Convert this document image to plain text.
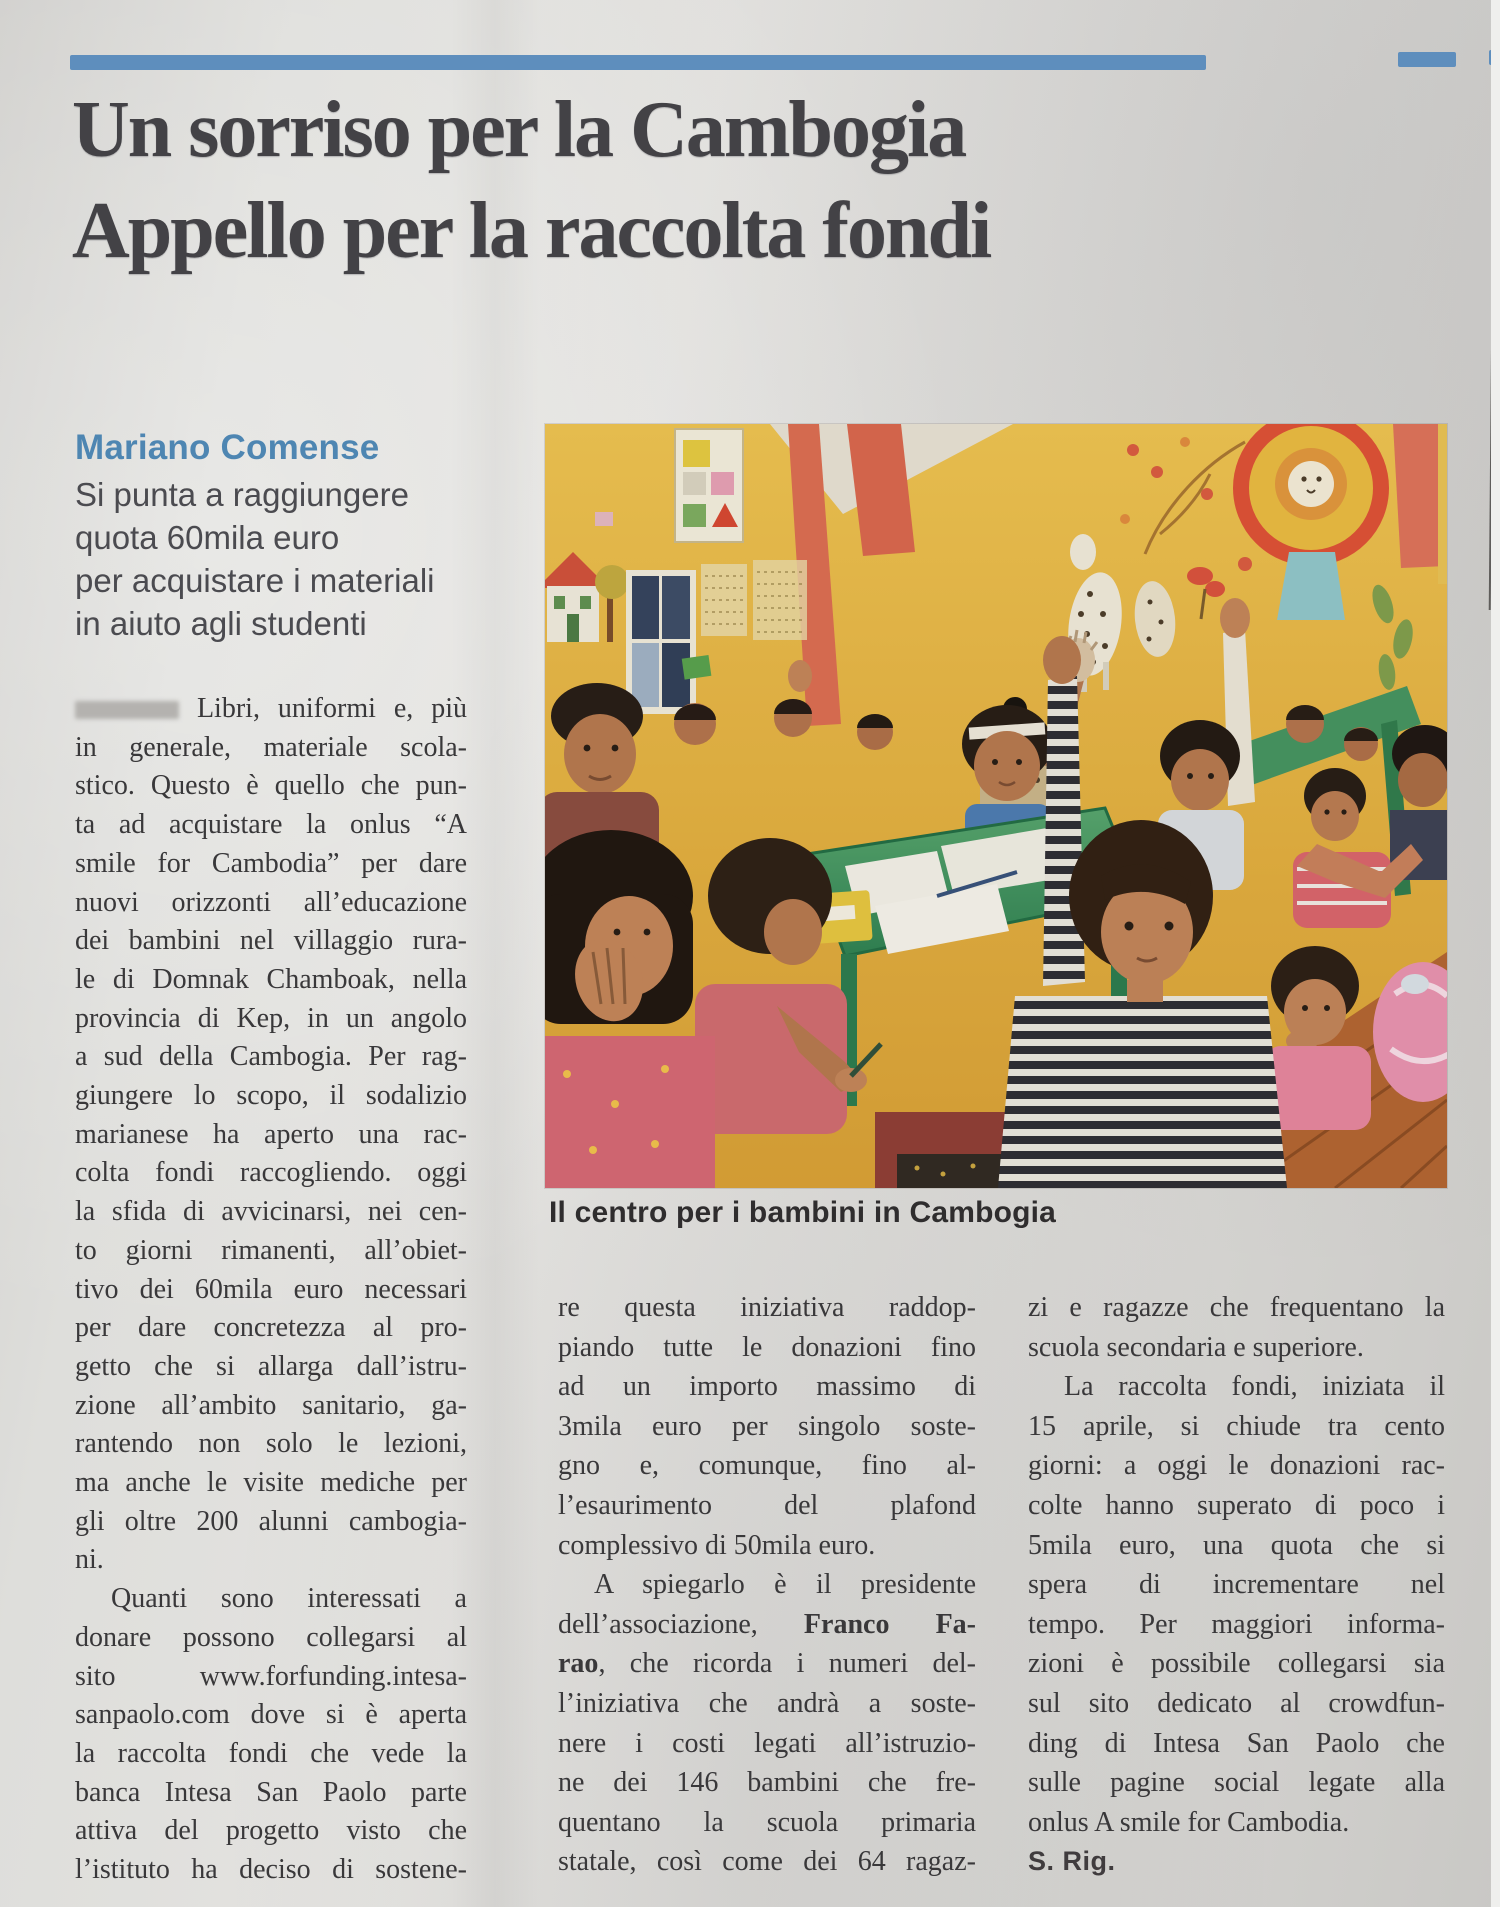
Un sorriso per la Cambogia
Appello per la raccolta fondi
Mariano Comense
Si punta a raggiungere
quota 60mila euro
per acquistare i materiali
in aiuto agli studenti
Libri, uniformi e, più
in generale, materiale scola-
stico. Questo è quello che pun-
ta ad acquistare la onlus “A
smile for Cambodia” per dare
nuovi orizzonti all’educazione
dei bambini nel villaggio rura-
le di Domnak Chamboak, nella
provincia di Kep, in un angolo
a sud della Cambogia. Per rag-
giungere lo scopo, il sodalizio
marianese ha aperto una rac-
colta fondi raccogliendo. oggi
la sfida di avvicinarsi, nei cen-
to giorni rimanenti, all’obiet-
tivo dei 60mila euro necessari
per dare concretezza al pro-
getto che si allarga dall’istru-
zione all’ambito sanitario, ga-
rantendo non solo le lezioni,
ma anche le visite mediche per
gli oltre 200 alunni cambogia-
ni.
Quanti sono interessati a
donare possono collegarsi al
sito www.forfunding.intesa-
sanpaolo.com dove si è aperta
la raccolta fondi che vede la
banca Intesa San Paolo parte
attiva del progetto visto che
l’istituto ha deciso di sostene-
Il centro per i bambini in Cambogia
re questa iniziativa raddop-
piando tutte le donazioni fino
ad un importo massimo di
3mila euro per singolo soste-
gno e, comunque, fino al-
l’esaurimento del plafond
complessivo di 50mila euro.
A spiegarlo è il presidente
dell’associazione, Franco Fa-
rao, che ricorda i numeri del-
l’iniziativa che andrà a soste-
nere i costi legati all’istruzio-
ne dei 146 bambini che fre-
quentano la scuola primaria
statale, così come dei 64 ragaz-
zi e ragazze che frequentano la
scuola secondaria e superiore.
La raccolta fondi, iniziata il
15 aprile, si chiude tra cento
giorni: a oggi le donazioni rac-
colte hanno superato di poco i
5mila euro, una quota che si
spera di incrementare nel
tempo. Per maggiori informa-
zioni è possibile collegarsi sia
sul sito dedicato al crowdfun-
ding di Intesa San Paolo che
sulle pagine social legate alla
onlus A smile for Cambodia.
S. Rig.
